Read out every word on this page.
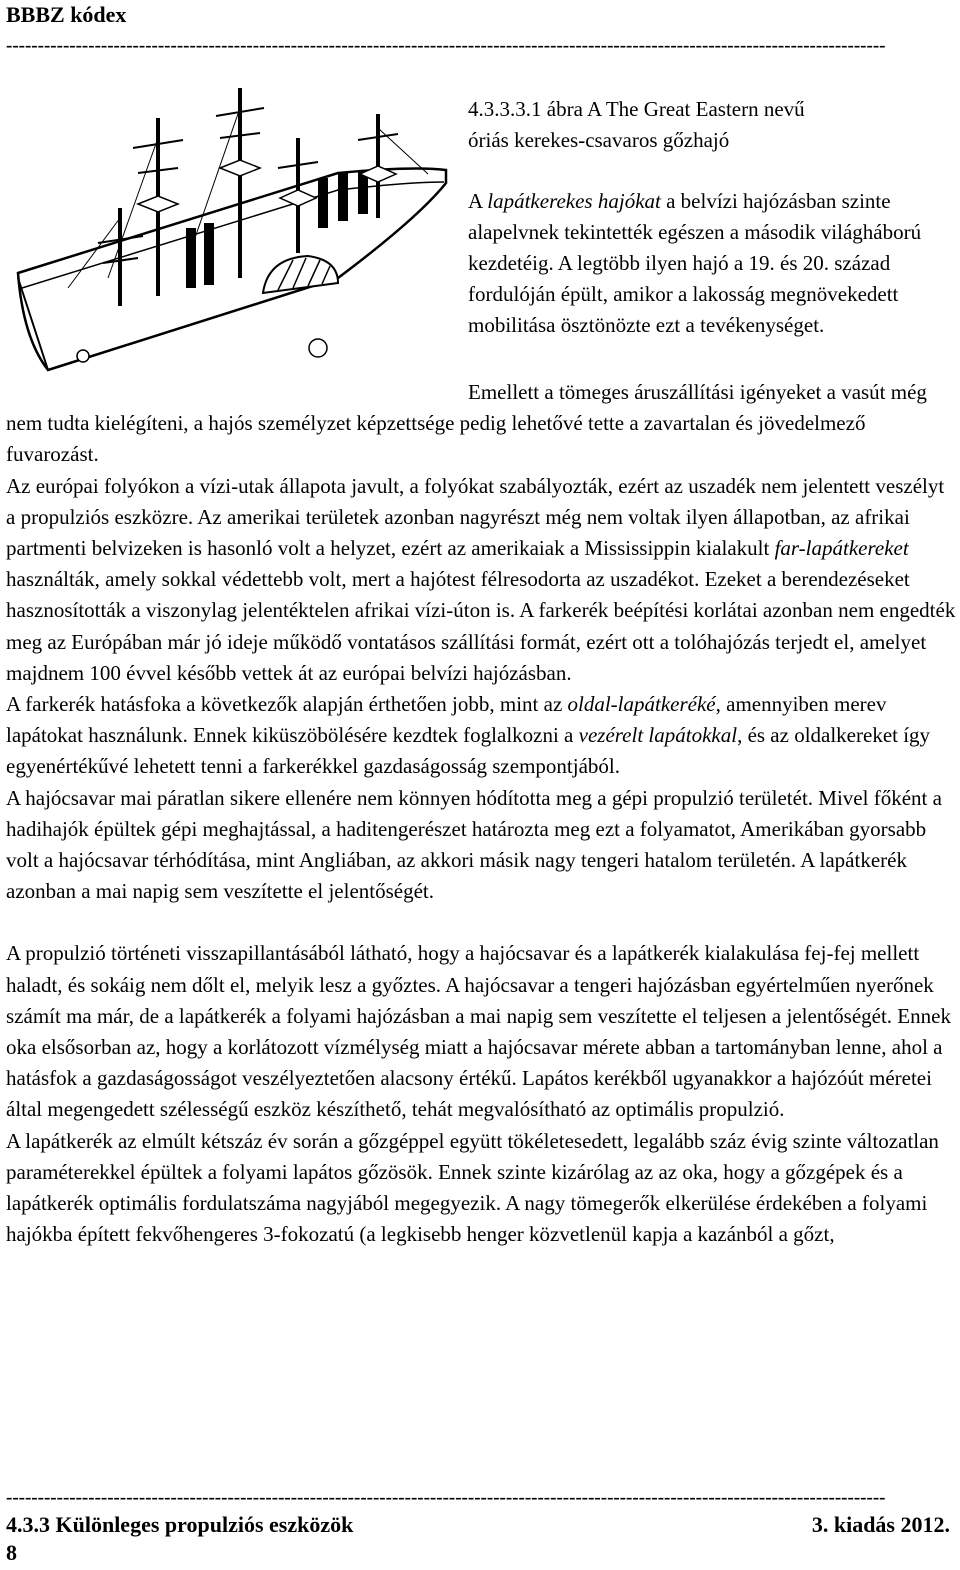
BBBZ kódex
-------------------------------------------------------------------------------------------------------------------------------------------
4.3.3.3.1 ábra A The Great Eastern nevű
óriás kerekes-csavaros gőzhajó

A lapátkerekes hajókat a belvízi hajózásban szinte alapelvnek tekintették egészen a második világháború kezdetéig. A legtöbb ilyen hajó a 19. és 20. század fordulóján épült, amikor a lakosság megnövekedett mobilitása ösztönözte ezt a tevékenységet.

Emellett a tömeges áruszállítási igényeket a vasút még nem tudta kielégíteni, a hajós személyzet képzettsége pedig lehetővé tette a zavartalan és jövedelmező fuvarozást.

Az európai folyókon a vízi-utak állapota javult, a folyókat szabályozták, ezért az uszadék nem jelentett veszélyt a propulziós eszközre. Az amerikai területek azonban nagyrészt még nem voltak ilyen állapotban, az afrikai partmenti belvizeken is hasonló volt a helyzet, ezért az amerikaiak a Mississippin kialakult far-lapátkereket használták, amely sokkal védettebb volt, mert a hajótest félresodorta az uszadékot. Ezeket a berendezéseket hasznosították a viszonylag jelentéktelen afrikai vízi-úton is. A farkerék beépítési korlátai azonban nem engedték meg az Európában már jó ideje működő vontatásos szállítási formát, ezért ott a tolóhajózás terjedt el, amelyet majdnem 100 évvel később vettek át az európai belvízi hajózásban.

A farkerék hatásfoka a következők alapján érthetően jobb, mint az oldal-lapátkeréké, amennyiben merev lapátokat használunk. Ennek kiküszöbölésére kezdtek foglalkozni a vezérelt lapátokkal, és az oldalkereket így egyenértékűvé lehetett tenni a farkerékkel gazdaságosság szempontjából.

A hajócsavar mai páratlan sikere ellenére nem könnyen hódította meg a gépi propulzió területét. Mivel főként a hadihajók épültek gépi meghajtással, a haditengerészet határozta meg ezt a folyamatot, Amerikában gyorsabb volt a hajócsavar térhódítása, mint Angliában, az akkori másik nagy tengeri hatalom területén. A lapátkerék azonban a mai napig sem veszítette el jelentőségét.

A propulzió történeti visszapillantásából látható, hogy a hajócsavar és a lapátkerék kialakulása fej-fej mellett haladt, és sokáig nem dőlt el, melyik lesz a győztes. A hajócsavar a tengeri hajózásban egyértelműen nyerőnek számít ma már, de a lapátkerék a folyami hajózásban a mai napig sem veszítette el teljesen a jelentőségét. Ennek oka elsősorban az, hogy a korlátozott vízmélység miatt a hajócsavar mérete abban a tartományban lenne, ahol a hatásfok a gazdaságosságot veszélyeztetően alacsony értékű. Lapátos kerékből ugyanakkor a hajózóút méretei által megengedett szélességű eszköz készíthető, tehát megvalósítható az optimális propulzió.

A lapátkerék az elmúlt kétszáz év során a gőzgéppel együtt tökéletesedett, legalább száz évig szinte változatlan paraméterekkel épültek a folyami lapátos gőzösök. Ennek szinte kizárólag az az oka, hogy a gőzgépek és a lapátkerék optimális fordulatszáma nagyjából megegyezik. A nagy tömegerők elkerülése érdekében a folyami hajókba épített fekvőhengeres 3-fokozatú (a legkisebb henger közvetlenül kapja a kazánból a gőzt,

-------------------------------------------------------------------------------------------------------------------------------------------
4.3.3 Különleges propulziós eszközök	3. kiadás 2012.
8
